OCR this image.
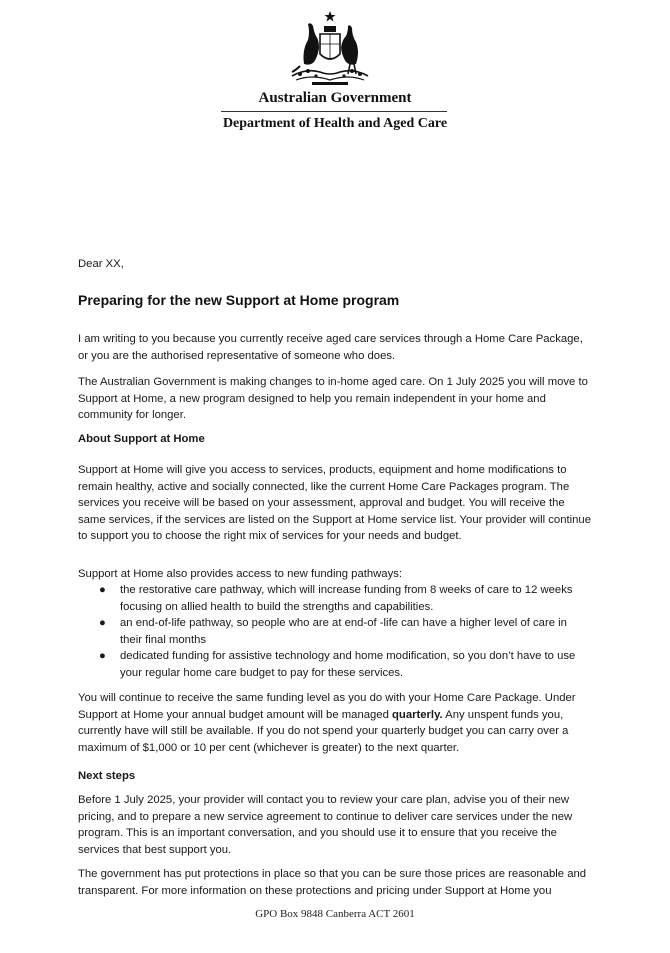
Australian Government
Department of Health and Aged Care

Dear XX,

Preparing for the new Support at Home program

I am writing to you because you currently receive aged care services through a Home Care Package, or you are the authorised representative of someone who does.

The Australian Government is making changes to in-home aged care. On 1 July 2025 you will move to Support at Home, a new program designed to help you remain independent in your home and community for longer.

About Support at Home

Support at Home will give you access to services, products, equipment and home modifications to remain healthy, active and socially connected, like the current Home Care Packages program. The services you receive will be based on your assessment, approval and budget. You will receive the same services, if the services are listed on the Support at Home service list. Your provider will continue to support you to choose the right mix of services for your needs and budget.

Support at Home also provides access to new funding pathways:

● the restorative care pathway, which will increase funding from 8 weeks of care to 12 weeks focusing on allied health to build the strengths and capabilities.
● an end-of-life pathway, so people who are at end-of -life can have a higher level of care in their final months
● dedicated funding for assistive technology and home modification, so you don’t have to use your regular home care budget to pay for these services.

You will continue to receive the same funding level as you do with your Home Care Package. Under Support at Home your annual budget amount will be managed quarterly. Any unspent funds you, currently have will still be available. If you do not spend your quarterly budget you can carry over a maximum of $1,000 or 10 per cent (whichever is greater) to the next quarter.

Next steps

Before 1 July 2025, your provider will contact you to review your care plan, advise you of their new pricing, and to prepare a new service agreement to continue to deliver care services under the new program. This is an important conversation, and you should use it to ensure that you receive the services that best support you.

The government has put protections in place so that you can be sure those prices are reasonable and transparent. For more information on these protections and pricing under Support at Home you

GPO Box 9848 Canberra ACT 2601
